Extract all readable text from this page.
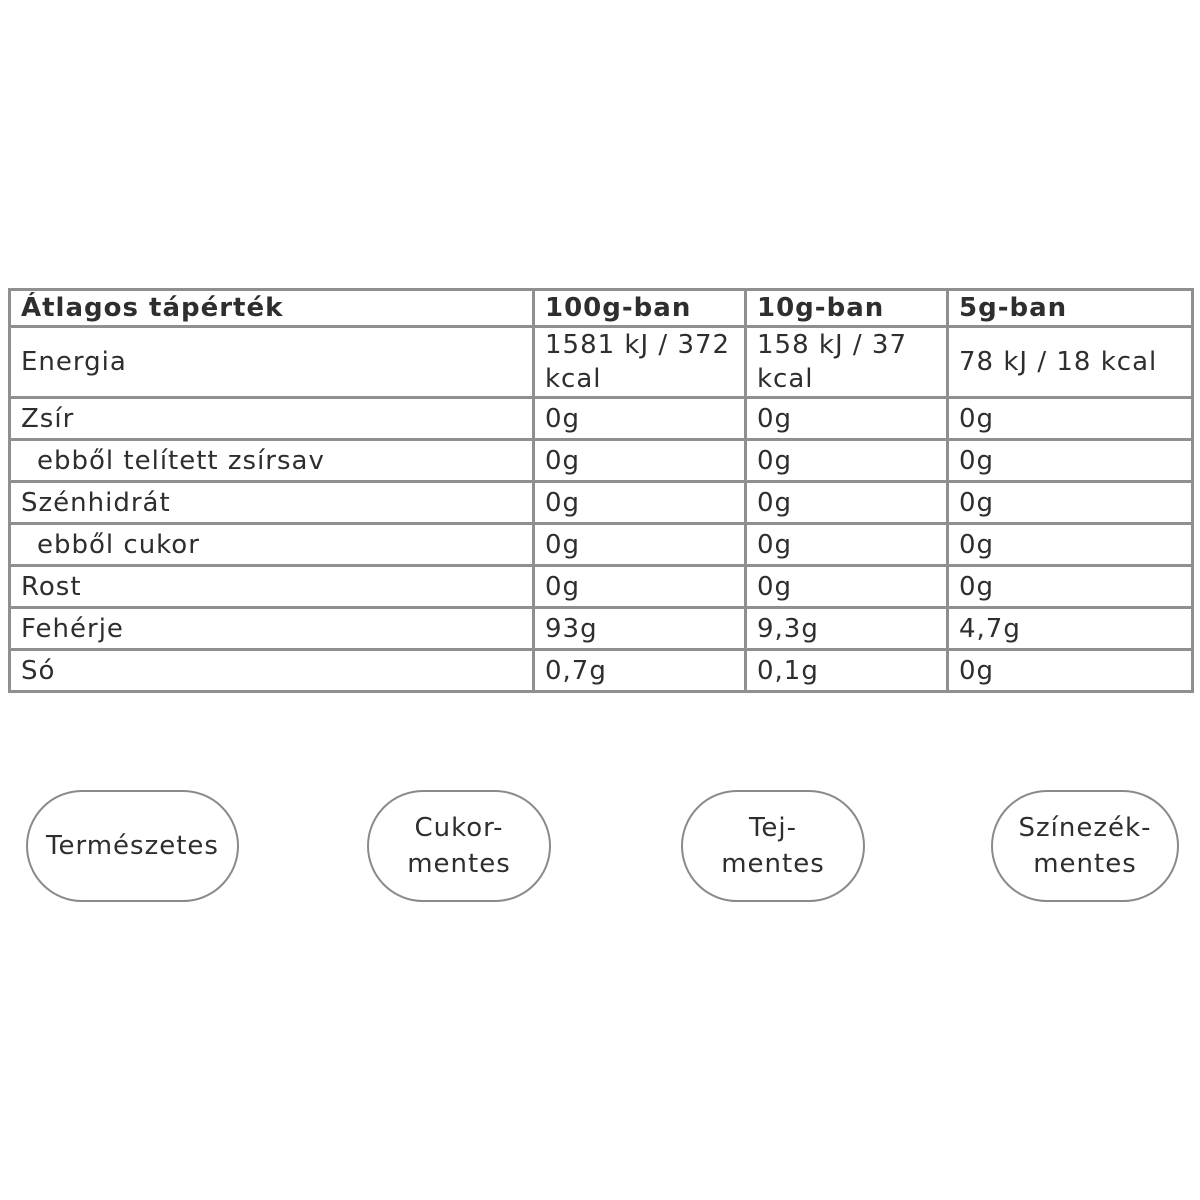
Átlagos tápérték	100g-ban	10g-ban	5g-ban
Energia	1581 kJ / 372 kcal	158 kJ / 37 kcal	78 kJ / 18 kcal
Zsír	0g	0g	0g
ebből telített zsírsav	0g	0g	0g
Szénhidrát	0g	0g	0g
ebből cukor	0g	0g	0g
Rost	0g	0g	0g
Fehérje	93g	9,3g	4,7g
Só	0,7g	0,1g	0g
Természetes
Cukor-
mentes
Tej-
mentes
Színezék-
mentes
